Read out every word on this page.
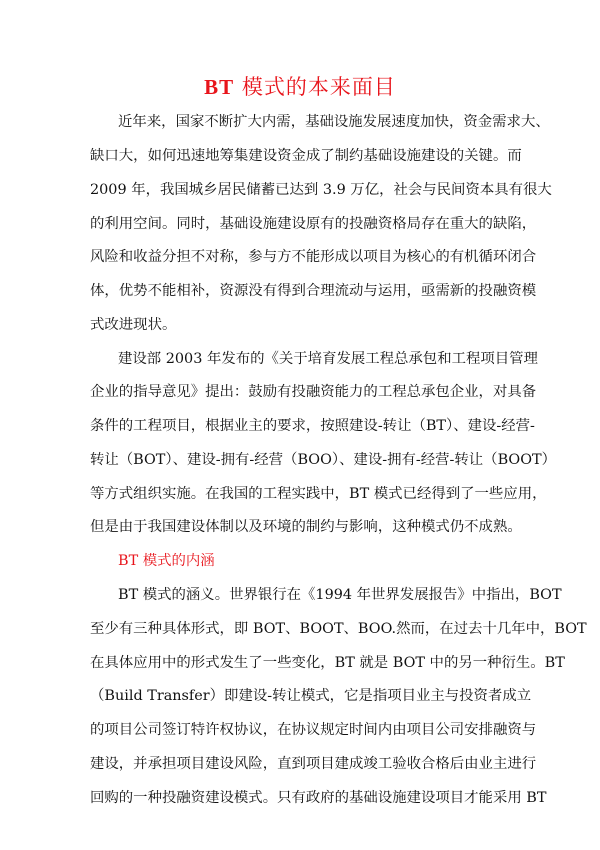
BT 模式的本来面目
近年来，国家不断扩大内需，基础设施发展速度加快，资金需求大、
缺口大，如何迅速地筹集建设资金成了制约基础设施建设的关键。而
2009 年，我国城乡居民储蓄已达到 3.9 万亿，社会与民间资本具有很大
的利用空间。同时，基础设施建设原有的投融资格局存在重大的缺陷，
风险和收益分担不对称，参与方不能形成以项目为核心的有机循环闭合
体，优势不能相补，资源没有得到合理流动与运用，亟需新的投融资模
式改进现状。
建设部 2003 年发布的《关于培育发展工程总承包和工程项目管理
企业的指导意见》提出：鼓励有投融资能力的工程总承包企业，对具备
条件的工程项目，根据业主的要求，按照建设-转让（BT）、建设-经营-
转让（BOT）、建设-拥有-经营（BOO）、建设-拥有-经营-转让（BOOT）
等方式组织实施。在我国的工程实践中，BT 模式已经得到了一些应用，
但是由于我国建设体制以及环境的制约与影响，这种模式仍不成熟。
BT 模式的内涵
BT 模式的涵义。世界银行在《1994 年世界发展报告》中指出，BOT
至少有三种具体形式，即 BOT、BOOT、BOO.然而，在过去十几年中，BOT
在具体应用中的形式发生了一些变化，BT 就是 BOT 中的另一种衍生。BT
（Build Transfer）即建设-转让模式，它是指项目业主与投资者成立
的项目公司签订特许权协议，在协议规定时间内由项目公司安排融资与
建设，并承担项目建设风险，直到项目建成竣工验收合格后由业主进行
回购的一种投融资建设模式。只有政府的基础设施建设项目才能采用 BT
